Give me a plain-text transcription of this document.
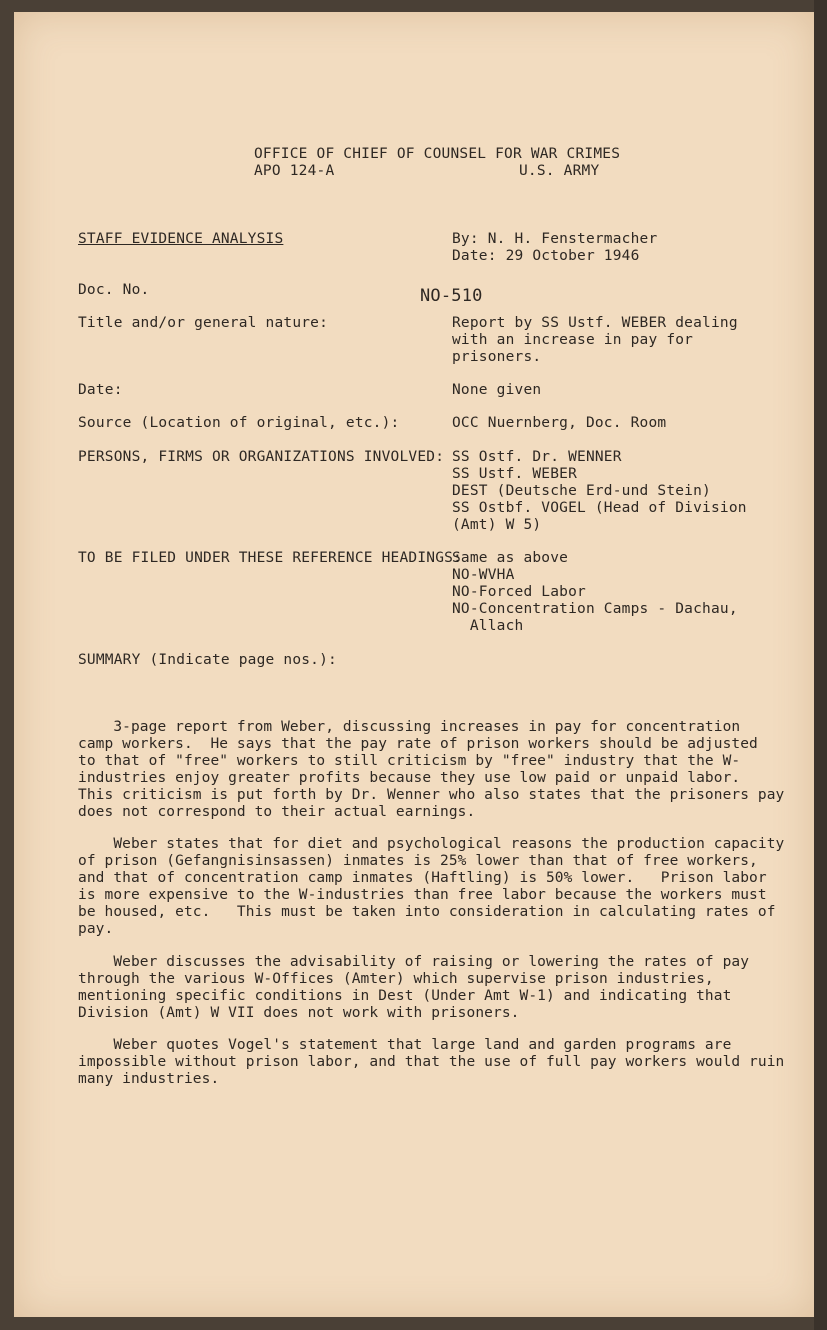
OFFICE OF CHIEF OF COUNSEL FOR WAR CRIMES
APO 124-A	U.S. ARMY
STAFF EVIDENCE ANALYSIS	By: N. H. Fenstermacher
Date: 29 October 1946
Doc. No.	NO-510
Title and/or general nature:	Report by SS Ustf. WEBER dealing
with an increase in pay for
prisoners.
Date:	None given
Source (Location of original, etc.):	OCC Nuernberg, Doc. Room
PERSONS, FIRMS OR ORGANIZATIONS INVOLVED: SS Ostf. Dr. WENNER
SS Ustf. WEBER
DEST (Deutsche Erd-und Stein)
SS Ostbf. VOGEL (Head of Division
(Amt) W 5)
TO BE FILED UNDER THESE REFERENCE HEADINGS:
Same as above
NO-WVHA
NO-Forced Labor
NO-Concentration Camps - Dachau,
Allach
SUMMARY (Indicate page nos.):

3-page report from Weber, discussing increases in pay for concentration
camp workers.  He says that the pay rate of prison workers should be adjusted
to that of "free" workers to still criticism by "free" industry that the W-
industries enjoy greater profits because they use low paid or unpaid labor.
This criticism is put forth by Dr. Wenner who also states that the prisoners pay
does not correspond to their actual earnings.

Weber states that for diet and psychological reasons the production capacity
of prison (Gefangnisinsassen) inmates is 25% lower than that of free workers,
and that of concentration camp inmates (Haftling) is 50% lower.   Prison labor
is more expensive to the W-industries than free labor because the workers must
be housed, etc.   This must be taken into consideration in calculating rates of
pay.

Weber discusses the advisability of raising or lowering the rates of pay
through the various W-Offices (Amter) which supervise prison industries,
mentioning specific conditions in Dest (Under Amt W-1) and indicating that
Division (Amt) W VII does not work with prisoners.

Weber quotes Vogel's statement that large land and garden programs are
impossible without prison labor, and that the use of full pay workers would ruin
many industries.
